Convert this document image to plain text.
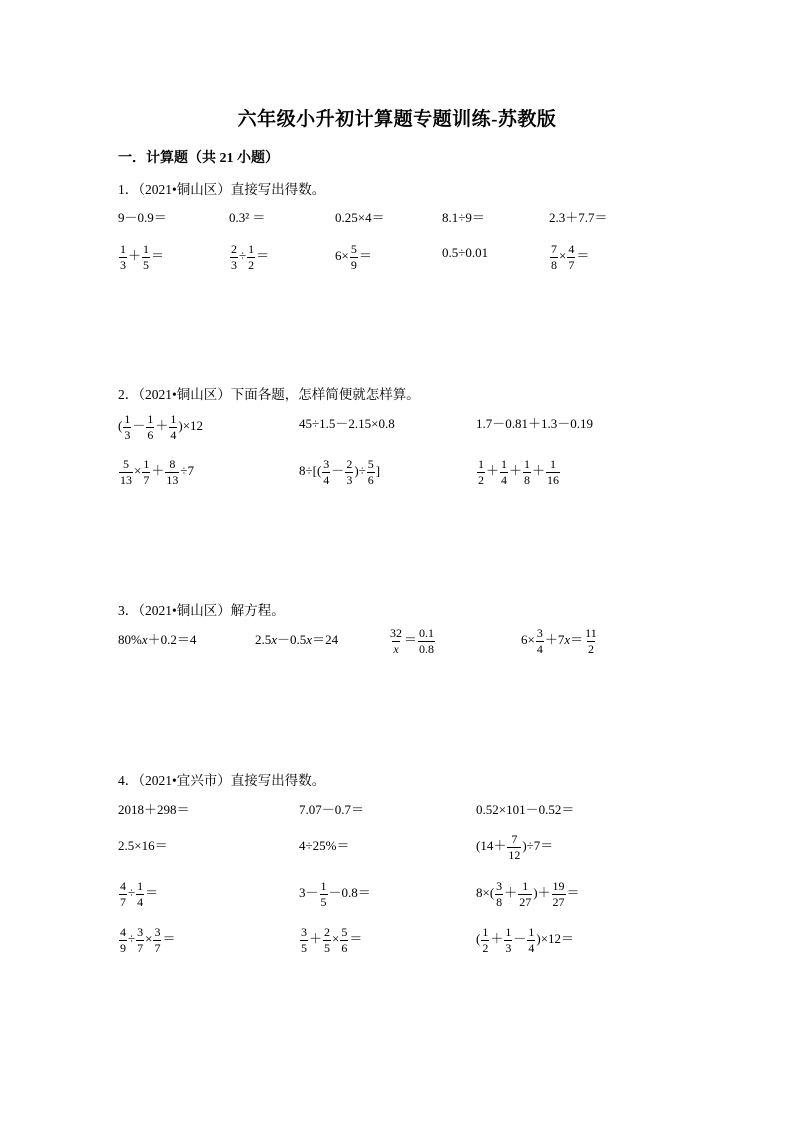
六年级小升初计算题专题训练-苏教版
一．计算题（共 21 小题）
1．（2021•铜山区）直接写出得数。
9－0.9＝	0.3² ＝	0.25×4＝	8.1÷9＝	2.3＋7.7＝
$\frac{1}{3} + \frac{1}{5}$ ＝	$\frac{2}{3} \div \frac{1}{2}$ ＝	$6\times \frac{5}{9}$ ＝	0.5÷0.01	$\frac{7}{8} \times \frac{4}{7}$ ＝
2．（2021•铜山区）下面各题，怎样简便就怎样算。
( $\frac{1}{3} - \frac{1}{6} + \frac{1}{4} )\times 12$	45÷1.5－2.15×0.8	1.7－0.81＋1.3－0.19
$\frac{5}{13} \times \frac{1}{7} + \frac{8}{13} \div 7$	$8\div[( \frac{3}{4} - \frac{2}{3}$ )÷ $\frac{5}{6}$ ]	$\frac{1}{2} + \frac{1}{4} + \frac{1}{8} + \frac{1}{16}$
3．（2021•铜山区）解方程。
80%x＋0.2＝4	2.5x－0.5x＝24	$\frac{32}{x} = \frac{0.1}{0.8}$	$6\times \frac{3}{4} +7x= \frac{11}{2}$
4．（2021•宜兴市）直接写出得数。
2018＋298＝	7.07－0.7＝	0.52×101－0.52＝
2.5×16＝	4÷25%＝	$(14+ \frac{7}{12} )\div 7=$
$\frac{4}{7} \div \frac{1}{4}$ ＝	$3- \frac{1}{5} -0.8=$	$8\times( \frac{3}{8} + \frac{1}{27}$ )＋ $\frac{19}{27}$ ＝
$\frac{4}{9} \div \frac{3}{7} \times \frac{3}{7}$ ＝	$\frac{3}{5} + \frac{2}{5} \times \frac{5}{6}$ ＝	( $\frac{1}{2} + \frac{1}{3} - \frac{1}{4} )\times 12=$
